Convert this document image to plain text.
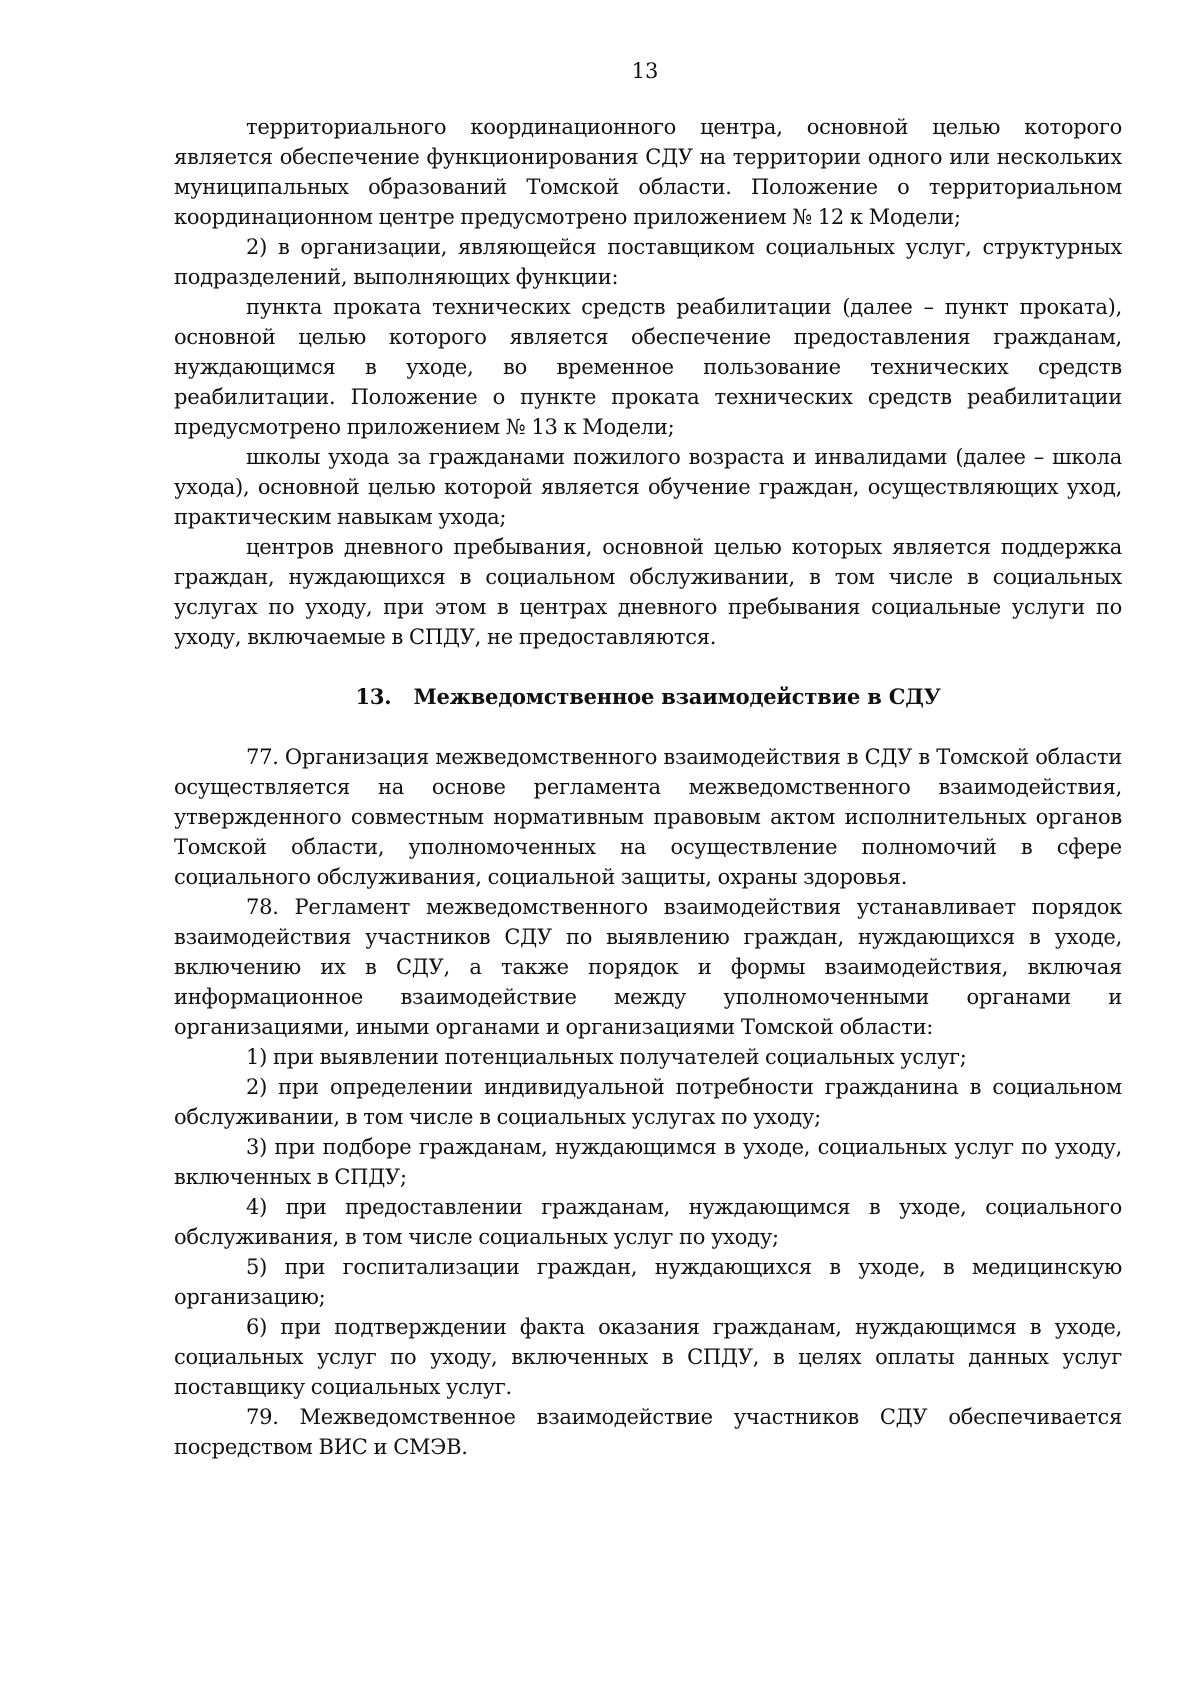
13

территориального координационного центра, основной целью которого является обеспечение функционирования СДУ на территории одного или нескольких муниципальных образований Томской области. Положение о территориальном координационном центре предусмотрено приложением № 12 к Модели;

2) в организации, являющейся поставщиком социальных услуг, структурных подразделений, выполняющих функции:

пункта проката технических средств реабилитации (далее – пункт проката), основной целью которого является обеспечение предоставления гражданам, нуждающимся в уходе, во временное пользование технических средств реабилитации. Положение о пункте проката технических средств реабилитации предусмотрено приложением № 13 к Модели;

школы ухода за гражданами пожилого возраста и инвалидами (далее – школа ухода), основной целью которой является обучение граждан, осуществляющих уход, практическим навыкам ухода;

центров дневного пребывания, основной целью которых является поддержка граждан, нуждающихся в социальном обслуживании, в том числе в социальных услугах по уходу, при этом в центрах дневного пребывания социальные услуги по уходу, включаемые в СПДУ, не предоставляются.

13. Межведомственное взаимодействие в СДУ

77. Организация межведомственного взаимодействия в СДУ в Томской области осуществляется на основе регламента межведомственного взаимодействия, утвержденного совместным нормативным правовым актом исполнительных органов Томской области, уполномоченных на осуществление полномочий в сфере социального обслуживания, социальной защиты, охраны здоровья.

78. Регламент межведомственного взаимодействия устанавливает порядок взаимодействия участников СДУ по выявлению граждан, нуждающихся в уходе, включению их в СДУ, а также порядок и формы взаимодействия, включая информационное взаимодействие между уполномоченными органами и организациями, иными органами и организациями Томской области:

1) при выявлении потенциальных получателей социальных услуг;

2) при определении индивидуальной потребности гражданина в социальном обслуживании, в том числе в социальных услугах по уходу;

3) при подборе гражданам, нуждающимся в уходе, социальных услуг по уходу, включенных в СПДУ;

4) при предоставлении гражданам, нуждающимся в уходе, социального обслуживания, в том числе социальных услуг по уходу;

5) при госпитализации граждан, нуждающихся в уходе, в медицинскую организацию;

6) при подтверждении факта оказания гражданам, нуждающимся в уходе, социальных услуг по уходу, включенных в СПДУ, в целях оплаты данных услуг поставщику социальных услуг.

79. Межведомственное взаимодействие участников СДУ обеспечивается посредством ВИС и СМЭВ.
